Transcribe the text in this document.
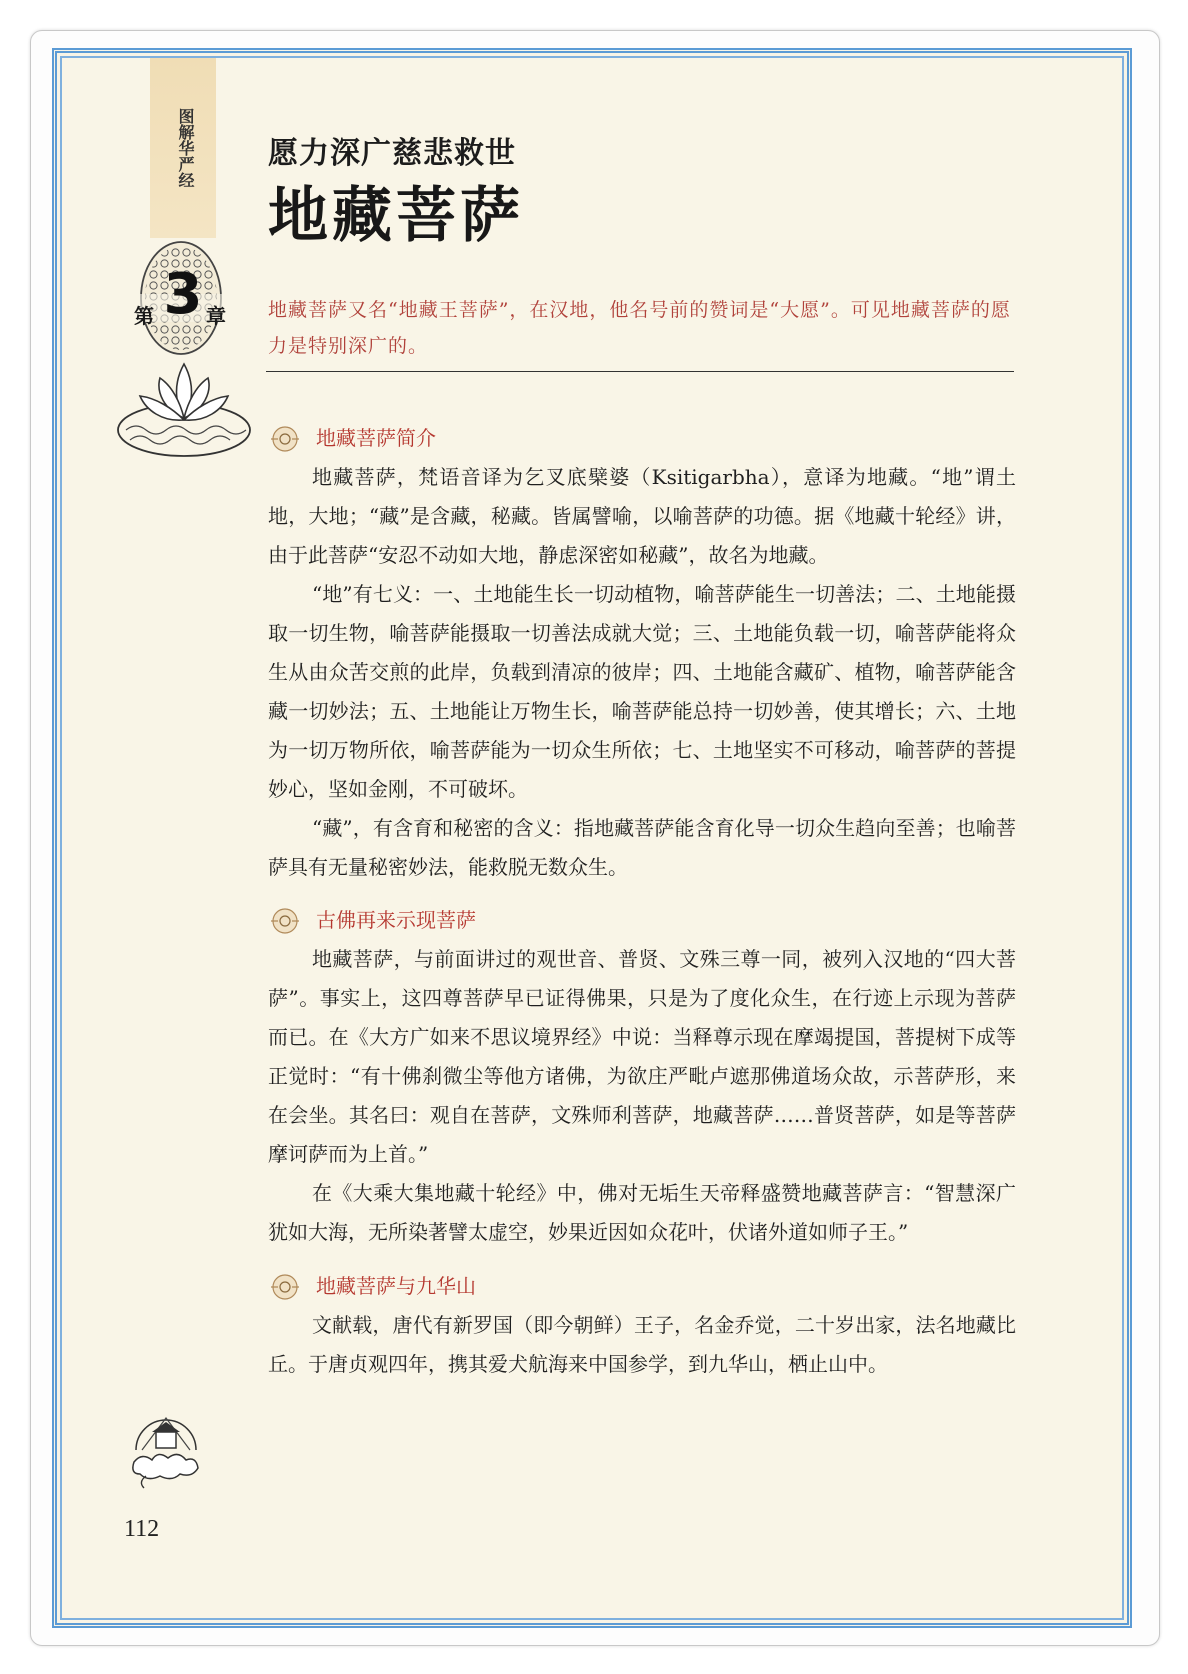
图解华严经
第 3 章
愿力深广慈悲救世
地藏菩萨
地藏菩萨又名“地藏王菩萨”，在汉地，他名号前的赞词是“大愿”。可见地藏菩萨的愿力是特别深广的。
地藏菩萨简介
地藏菩萨，梵语音译为乞叉底檗婆（Ksitigarbha），意译为地藏。“地”谓土地，大地；“藏”是含藏，秘藏。皆属譬喻，以喻菩萨的功德。据《地藏十轮经》讲，由于此菩萨“安忍不动如大地，静虑深密如秘藏”，故名为地藏。
“地”有七义：一、土地能生长一切动植物，喻菩萨能生一切善法；二、土地能摄取一切生物，喻菩萨能摄取一切善法成就大觉；三、土地能负载一切，喻菩萨能将众生从由众苦交煎的此岸，负载到清凉的彼岸；四、土地能含藏矿、植物，喻菩萨能含藏一切妙法；五、土地能让万物生长，喻菩萨能总持一切妙善，使其增长；六、土地为一切万物所依，喻菩萨能为一切众生所依；七、土地坚实不可移动，喻菩萨的菩提妙心，坚如金刚，不可破坏。
“藏”，有含育和秘密的含义：指地藏菩萨能含育化导一切众生趋向至善；也喻菩萨具有无量秘密妙法，能救脱无数众生。
古佛再来示现菩萨
地藏菩萨，与前面讲过的观世音、普贤、文殊三尊一同，被列入汉地的“四大菩萨”。事实上，这四尊菩萨早已证得佛果，只是为了度化众生，在行迹上示现为菩萨而已。在《大方广如来不思议境界经》中说：当释尊示现在摩竭提国，菩提树下成等正觉时：“有十佛刹微尘等他方诸佛，为欲庄严毗卢遮那佛道场众故，示菩萨形，来在会坐。其名曰：观自在菩萨，文殊师利菩萨，地藏菩萨……普贤菩萨，如是等菩萨摩诃萨而为上首。”
在《大乘大集地藏十轮经》中，佛对无垢生天帝释盛赞地藏菩萨言：“智慧深广犹如大海，无所染著譬太虚空，妙果近因如众花叶，伏诸外道如师子王。”
地藏菩萨与九华山
文献载，唐代有新罗国（即今朝鲜）王子，名金乔觉，二十岁出家，法名地藏比丘。于唐贞观四年，携其爱犬航海来中国参学，到九华山，栖止山中。
112
